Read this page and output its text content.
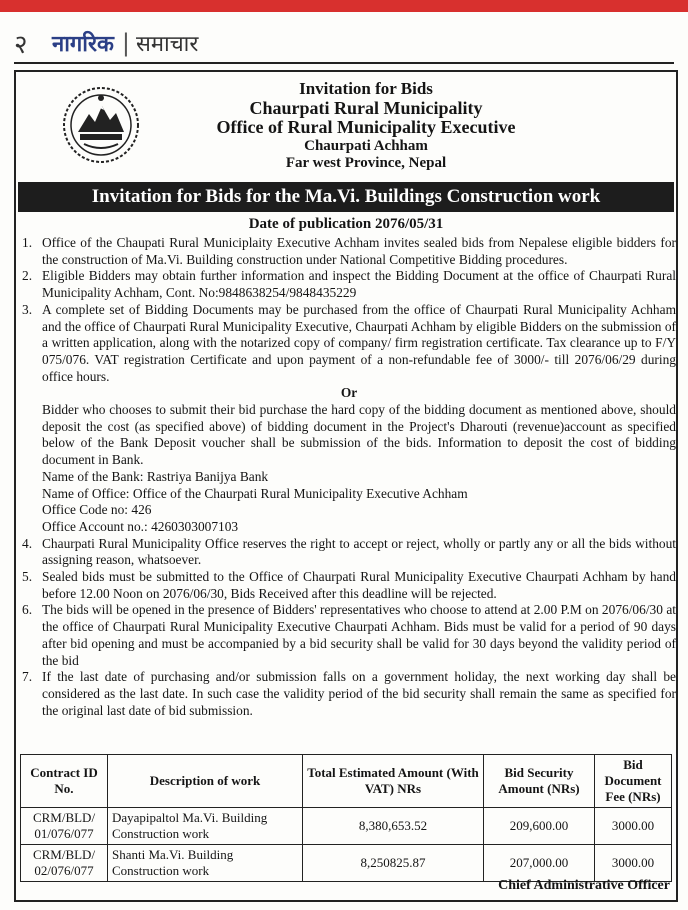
२	नागरिक | समाचार
Invitation for Bids
Chaurpati Rural Municipality
Office of Rural Municipality Executive
Chaurpati Achham
Far west Province, Nepal
Invitation for Bids for the Ma.Vi. Buildings Construction work
Date of publication 2076/05/31
1. Office of the Chaupati Rural Municiplaity Executive Achham invites sealed bids from Nepalese eligible bidders for the construction of Ma.Vi. Building construction under National Competitive Bidding procedures.
2. Eligible Bidders may obtain further information and inspect the Bidding Document at the office of Chaurpati Rural Municipality Achham, Cont. No:9848638254/9848435229
3. A complete set of Bidding Documents may be purchased from the office of Chaurpati Rural Municipality Achham and the office of Chaurpati Rural Municipality Executive, Chaurpati Achham by eligible Bidders on the submission of a written application, along with the notarized copy of company/ firm registration certificate. Tax clearance up to F/Y 075/076. VAT registration Certificate and upon payment of a non-refundable fee of 3000/- till 2076/06/29 during office hours.
Or
Bidder who chooses to submit their bid purchase the hard copy of the bidding document as mentioned above, should deposit the cost (as specified above) of bidding document in the Project's Dharouti (revenue)account as specified below of the Bank Deposit voucher shall be submission of the bids. Information to deposit the cost of bidding document in Bank.
Name of the Bank: Rastriya Banijya Bank
Name of Office: Office of the Chaurpati Rural Municipality Executive Achham
Office Code no: 426
Office Account no.: 4260303007103
4. Chaurpati Rural Municipality Office reserves the right to accept or reject, wholly or partly any or all the bids without assigning reason, whatsoever.
5. Sealed bids must be submitted to the Office of Chaurpati Rural Municipality Executive Chaurpati Achham by hand before 12.00 Noon on 2076/06/30, Bids Received after this deadline will be rejected.
6. The bids will be opened in the presence of Bidders' representatives who choose to attend at 2.00 P.M on 2076/06/30 at the office of Chaurpati Rural Municipality Executive Chaurpati Achham. Bids must be valid for a period of 90 days after bid opening and must be accompanied by a bid security shall be valid for 30 days beyond the validity period of the bid
7. If the last date of purchasing and/or submission falls on a government holiday, the next working day shall be considered as the last date. In such case the validity period of the bid security shall remain the same as specified for the original last date of bid submission.
Contract ID No.	Description of work	Total Estimated Amount (With VAT) NRs	Bid Security Amount (NRs)	Bid Document Fee (NRs)
CRM/BLD/ 01/076/077	Dayapipaltol Ma.Vi. Building Construction work	8,380,653.52	209,600.00	3000.00
CRM/BLD/ 02/076/077	Shanti Ma.Vi. Building Construction work	8,250825.87	207,000.00	3000.00
Chief Administrative Officer
